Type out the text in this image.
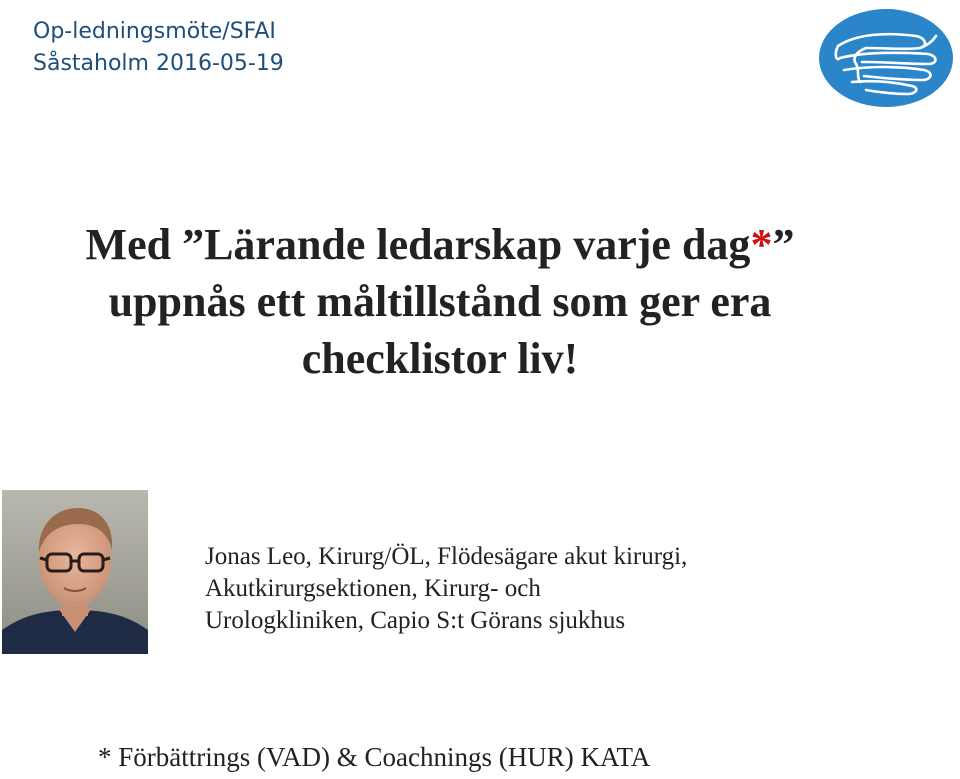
Op-ledningsmöte/SFAI
Såstaholm 2016-05-19
Med ”Lärande ledarskap varje dag*”
uppnås ett måltillstånd som ger era
checklistor liv!
Jonas Leo, Kirurg/ÖL, Flödesägare akut kirurgi,
Akutkirurgsektionen, Kirurg- och
Urologkliniken, Capio S:t Görans sjukhus
* Förbättrings (VAD) & Coachnings (HUR) KATA
